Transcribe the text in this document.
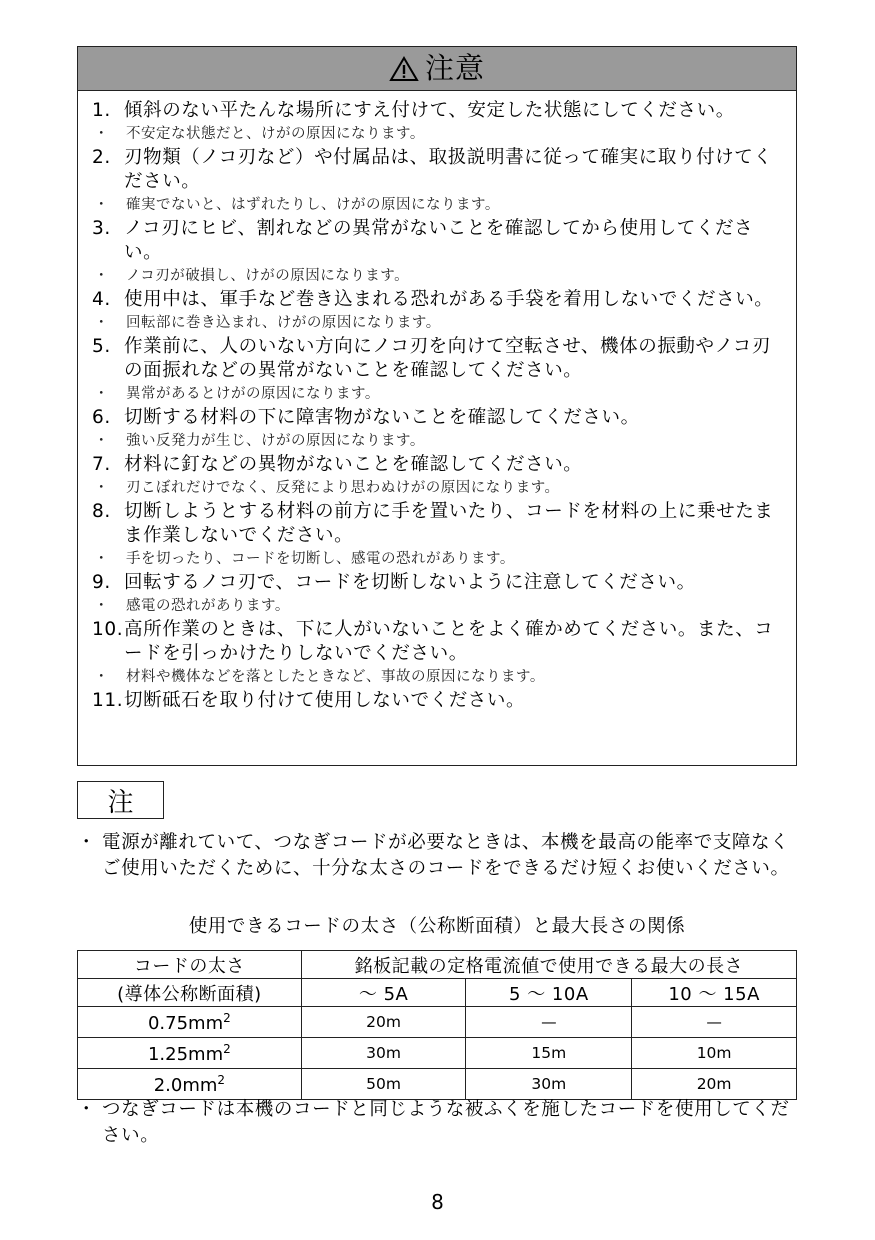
注意
1. 傾斜のない平たんな場所にすえ付けて、安定した状態にしてください。
・	不安定な状態だと、けがの原因になります。
2. 刃物類（ノコ刃など）や付属品は、取扱説明書に従って確実に取り付けてください。
・	確実でないと、はずれたりし、けがの原因になります。
3. ノコ刃にヒビ、割れなどの異常がないことを確認してから使用してください。
・	ノコ刃が破損し、けがの原因になります。
4. 使用中は、軍手など巻き込まれる恐れがある手袋を着用しないでください。
・	回転部に巻き込まれ、けがの原因になります。
5. 作業前に、人のいない方向にノコ刃を向けて空転させ、機体の振動やノコ刃の面振れなどの異常がないことを確認してください。
・	異常があるとけがの原因になります。
6. 切断する材料の下に障害物がないことを確認してください。
・	強い反発力が生じ、けがの原因になります。
7. 材料に釘などの異物がないことを確認してください。
・	刃こぼれだけでなく、反発により思わぬけがの原因になります。
8. 切断しようとする材料の前方に手を置いたり、コードを材料の上に乗せたまま作業しないでください。
・	手を切ったり、コードを切断し、感電の恐れがあります。
9. 回転するノコ刃で、コードを切断しないように注意してください。
・	感電の恐れがあります。
10. 高所作業のときは、下に人がいないことをよく確かめてください。また、コードを引っかけたりしないでください。
・	材料や機体などを落としたときなど、事故の原因になります。
11. 切断砥石を取り付けて使用しないでください。
注
・ 電源が離れていて、つなぎコードが必要なときは、本機を最高の能率で支障なくご使用いただくために、十分な太さのコードをできるだけ短くお使いください。
使用できるコードの太さ（公称断面積）と最大長さの関係
コードの太さ	銘板記載の定格電流値で使用できる最大の長さ		
(導体公称断面積)	～ 5A	5 ～ 10A	10 ～ 15A
$0.75mm^2$	20m	—	—
$1.25mm^2$	30m	15m	10m
$2.0mm^2$	50m	30m	20m
・ つなぎコードは本機のコードと同じような被ふくを施したコードを使用してください。
8
